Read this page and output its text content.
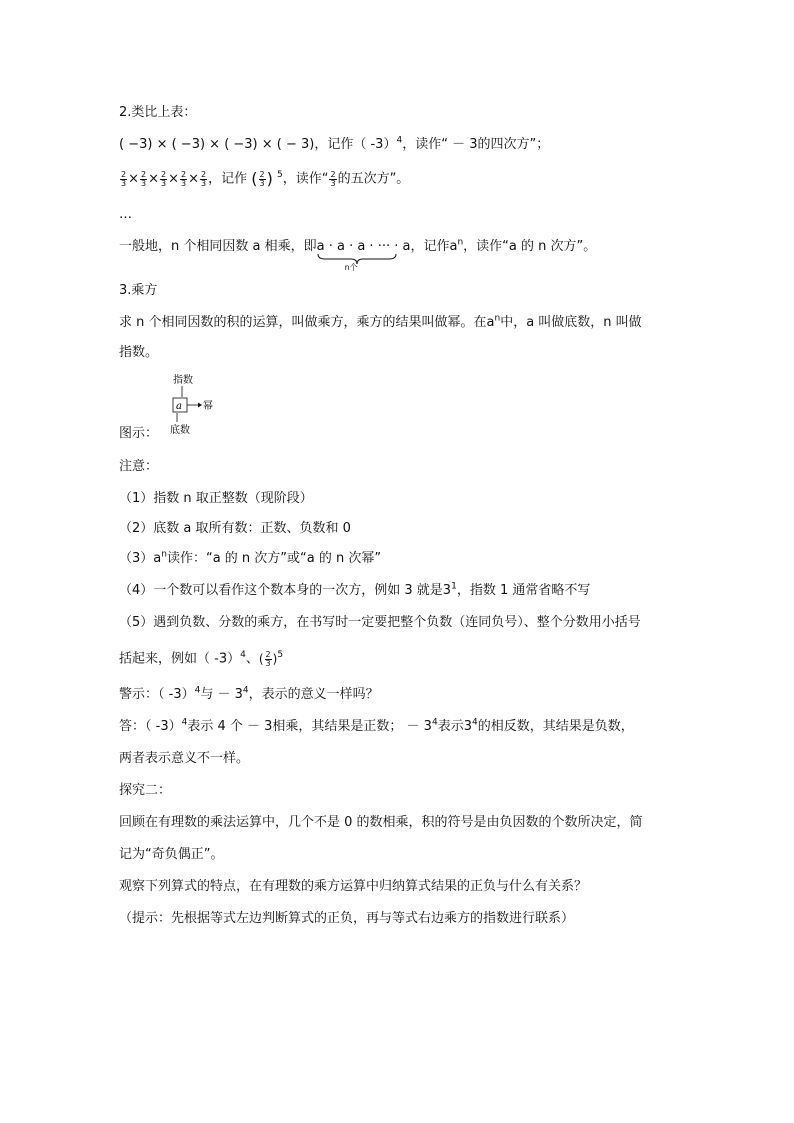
2.类比上表：
( −3) × ( −3) × ( −3) × ( − 3)，记作（ -3）$^4$，读作“ － 3的四次方”；
$\frac{2}{3} \times \frac{2}{3} \times \frac{2}{3} \times \frac{2}{3} \times \frac{2}{3}$ ，记作 ( $\frac{2}{3}$ ) $^5$，读作“ $\frac{2}{3}$ 的五次方”。
…
一般地，n 个相同因数 a 相乘，即a · a · a · ··· · a
n个
，记作$a^n$，读作“a 的 n 次方”。
3.乘方
求 n 个相同因数的积的运算，叫做乘方，乘方的结果叫做幂。在$a^n$中，a 叫做底数，n 叫做
指数。
指数
a 幂
底数
图示：
注意：
（1）指数 n 取正整数（现阶段）
（2）底数 a 取所有数：正数、负数和 0
$(3)a^n$读作：“a 的 n 次方”或“a 的 n 次幂”
（4）一个数可以看作这个数本身的一次方，例如 3 就是$3^1$，指数 1 通常省略不写
（5）遇到负数、分数的乘方，在书写时一定要把整个负数（连同负号）、整个分数用小括号
括起来，例如（ -3）$^4$、( $\frac{2}{3} )^5$
警示：（ -3）$^4$与 － $3^4$，表示的意义一样吗？
答：（ -3）$^4$表示 4 个 － 3相乘，其结果是正数； － $3^4$表示$3^4$的相反数，其结果是负数，
两者表示意义不一样。
探究二：
回顾在有理数的乘法运算中，几个不是 0 的数相乘，积的符号是由负因数的个数所决定，简
记为“奇负偶正”。
观察下列算式的特点，在有理数的乘方运算中归纳算式结果的正负与什么有关系？
（提示：先根据等式左边判断算式的正负，再与等式右边乘方的指数进行联系）
